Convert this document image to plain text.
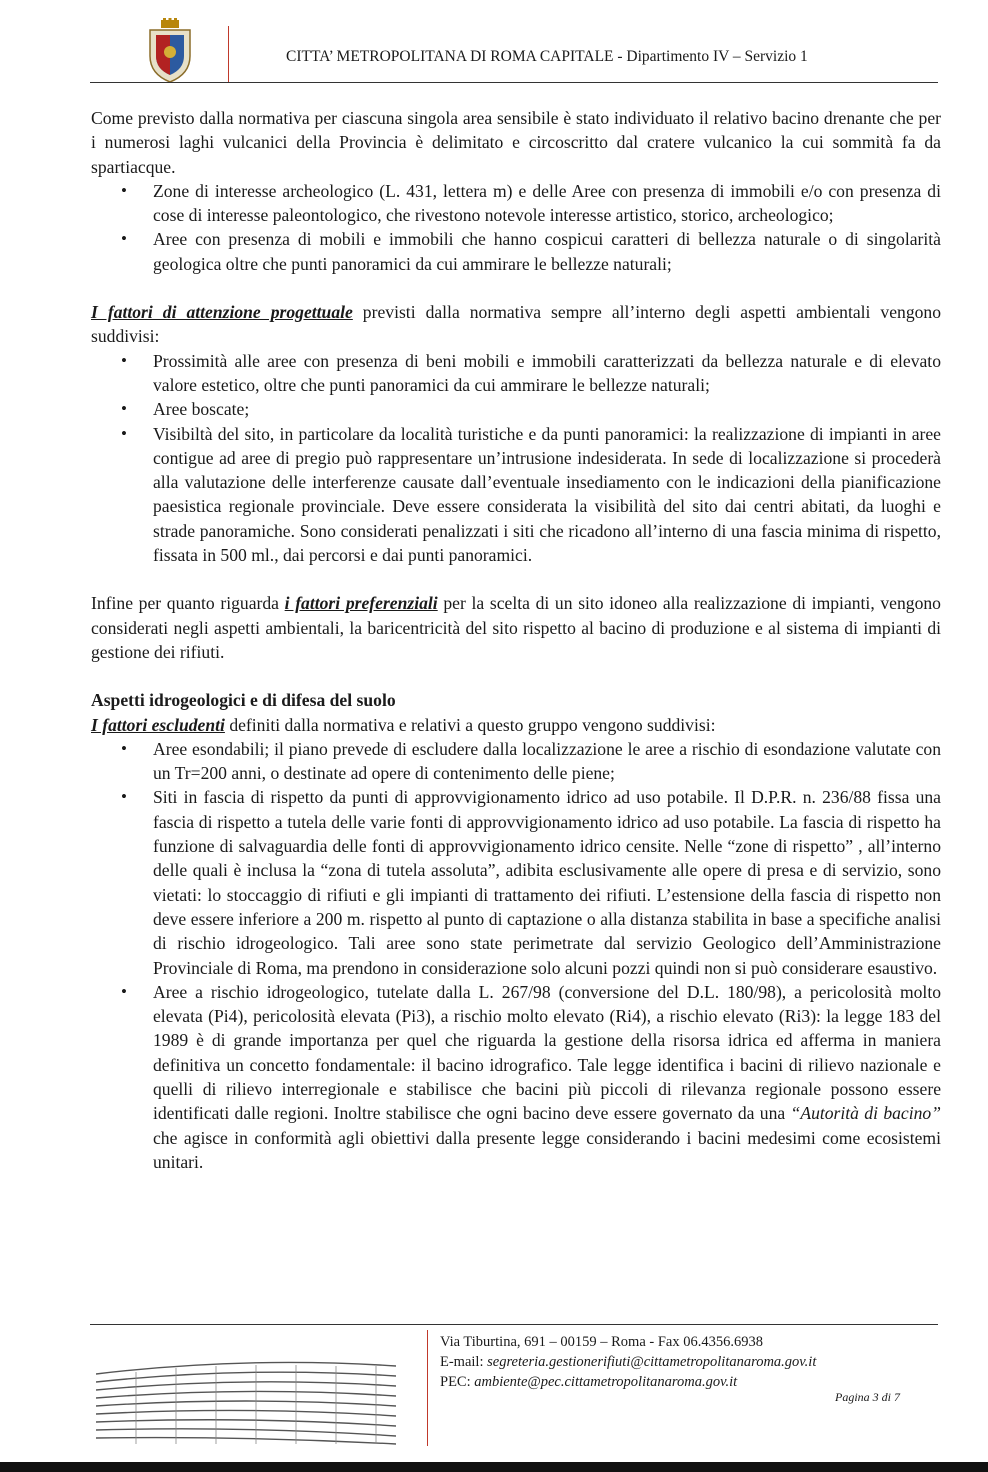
CITTA’ METROPOLITANA DI ROMA CAPITALE - Dipartimento IV – Servizio 1

Come previsto dalla normativa per ciascuna singola area sensibile è stato individuato il relativo bacino drenante che per i numerosi laghi vulcanici della Provincia è delimitato e circoscritto dal cratere vulcanico la cui sommità fa da spartiacque.

• Zone di interesse archeologico (L. 431, lettera m) e delle Aree con presenza di immobili e/o con presenza di cose di interesse paleontologico, che rivestono notevole interesse artistico, storico, archeologico;
• Aree con presenza di mobili e immobili che hanno cospicui caratteri di bellezza naturale o di singolarità geologica oltre che punti panoramici da cui ammirare le bellezze naturali;

I fattori di attenzione progettuale previsti dalla normativa sempre all’interno degli aspetti ambientali vengono suddivisi:

• Prossimità alle aree con presenza di beni mobili e immobili caratterizzati da bellezza naturale e di elevato valore estetico, oltre che punti panoramici da cui ammirare le bellezze naturali;
• Aree boscate;
• Visibiltà del sito, in particolare da località turistiche e da punti panoramici: la realizzazione di impianti in aree contigue ad aree di pregio può rappresentare un’intrusione indesiderata. In sede di localizzazione si procederà alla valutazione delle interferenze causate dall’eventuale insediamento con le indicazioni della pianificazione paesistica regionale provinciale. Deve essere considerata la visibilità del sito dai centri abitati, da luoghi e strade panoramiche. Sono considerati penalizzati i siti che ricadono all’interno di una fascia minima di rispetto, fissata in 500 ml., dai percorsi e dai punti panoramici.

Infine per quanto riguarda i fattori preferenziali per la scelta di un sito idoneo alla realizzazione di impianti, vengono considerati negli aspetti ambientali, la baricentricità del sito rispetto al bacino di produzione e al sistema di impianti di gestione dei rifiuti.

Aspetti idrogeologici e di difesa del suolo

I fattori escludenti definiti dalla normativa e relativi a questo gruppo vengono suddivisi:

• Aree esondabili; il piano prevede di escludere dalla localizzazione le aree a rischio di esondazione valutate con un Tr=200 anni, o destinate ad opere di contenimento delle piene;
• Siti in fascia di rispetto da punti di approvvigionamento idrico ad uso potabile. Il D.P.R. n. 236/88 fissa una fascia di rispetto a tutela delle varie fonti di approvvigionamento idrico ad uso potabile. La fascia di rispetto ha funzione di salvaguardia delle fonti di approvvigionamento idrico censite. Nelle “zone di rispetto” , all’interno delle quali è inclusa la “zona di tutela assoluta”, adibita esclusivamente alle opere di presa e di servizio, sono vietati: lo stoccaggio di rifiuti e gli impianti di trattamento dei rifiuti. L’estensione della fascia di rispetto non deve essere inferiore a 200 m. rispetto al punto di captazione o alla distanza stabilita in base a specifiche analisi di rischio idrogeologico. Tali aree sono state perimetrate dal servizio Geologico dell’Amministrazione Provinciale di Roma, ma prendono in considerazione solo alcuni pozzi quindi non si può considerare esaustivo.
• Aree a rischio idrogeologico, tutelate dalla L. 267/98 (conversione del D.L. 180/98), a pericolosità molto elevata (Pi4), pericolosità elevata (Pi3), a rischio molto elevato (Ri4), a rischio elevato (Ri3): la legge 183 del 1989 è di grande importanza per quel che riguarda la gestione della risorsa idrica ed afferma in maniera definitiva un concetto fondamentale: il bacino idrografico. Tale legge identifica i bacini di rilievo nazionale e quelli di rilievo interregionale e stabilisce che bacini più piccoli di rilevanza regionale possono essere identificati dalle regioni. Inoltre stabilisce che ogni bacino deve essere governato da una “Autorità di bacino” che agisce in conformità agli obiettivi dalla presente legge considerando i bacini medesimi come ecosistemi unitari.
Via Tiburtina, 691 – 00159 – Roma - Fax 06.4356.6938
E-mail: segreteria.gestionerifiuti@cittametropolitanaroma.gov.it
PEC: ambiente@pec.cittametropolitanaroma.gov.it
Pagina 3 di 7
